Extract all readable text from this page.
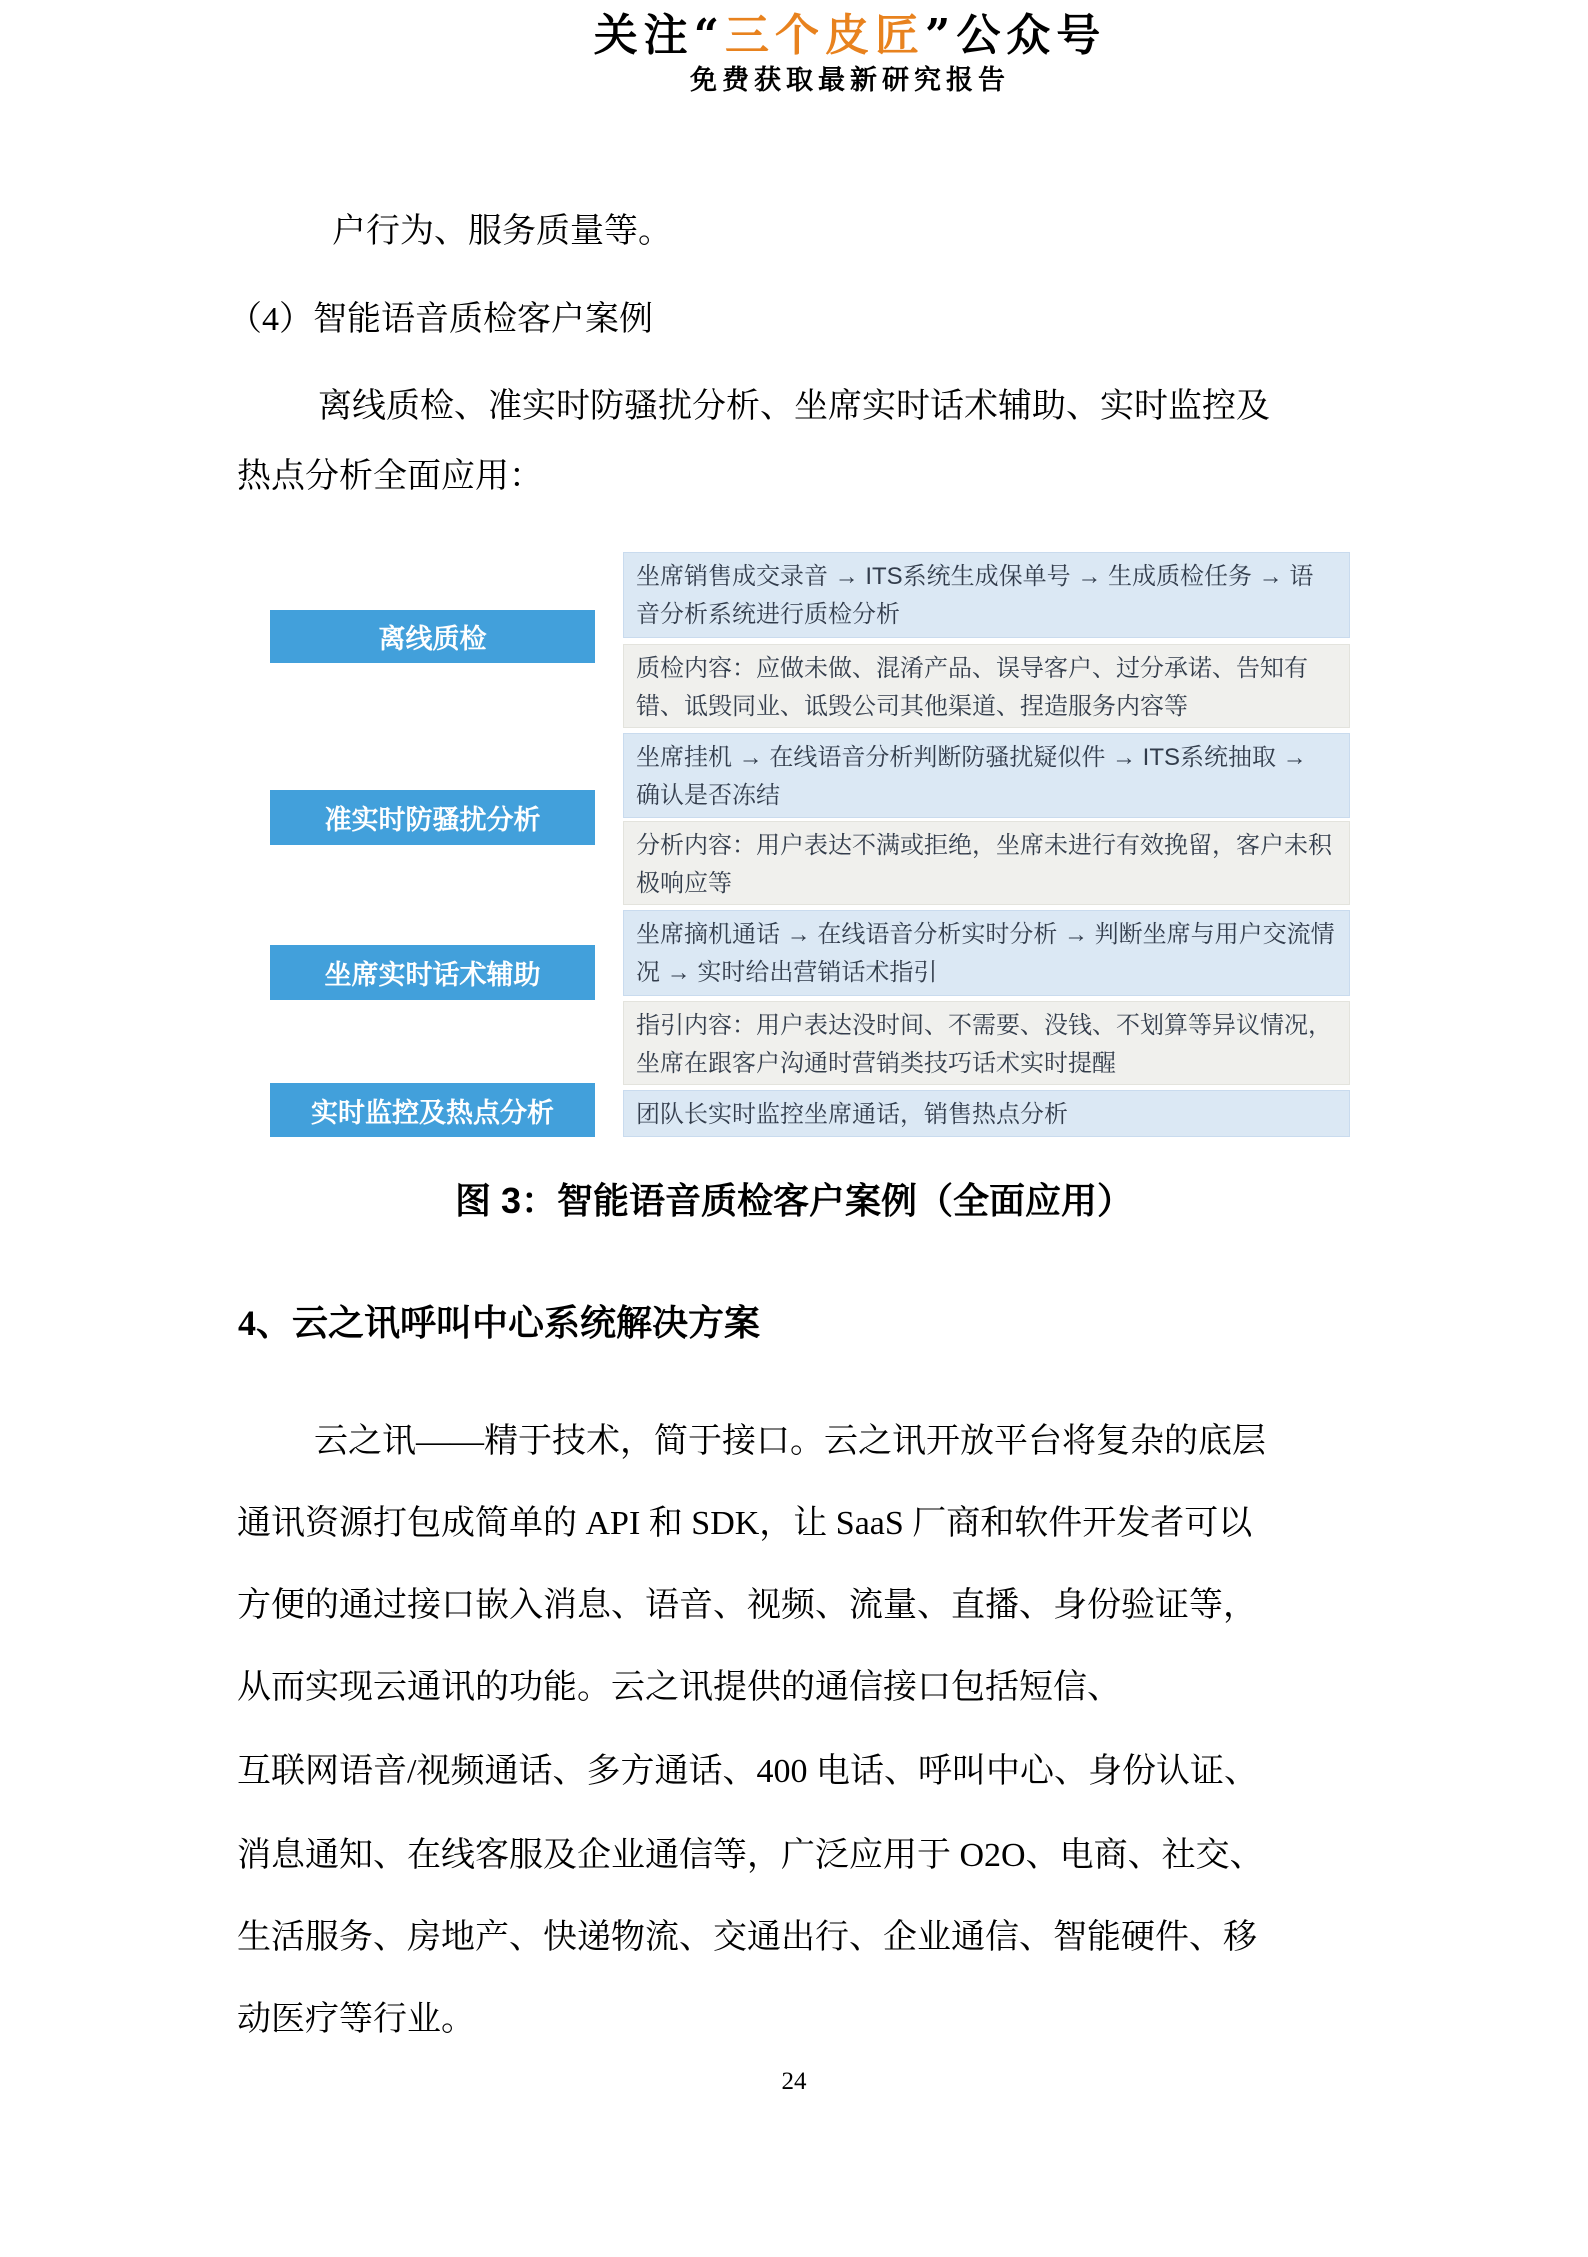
关注“三个皮匠”公众号
免费获取最新研究报告
户行为、服务质量等。
（4）智能语音质检客户案例
离线质检、准实时防骚扰分析、坐席实时话术辅助、实时监控及
热点分析全面应用：
离线质检
准实时防骚扰分析
坐席实时话术辅助
实时监控及热点分析
坐席销售成交录音 → ITS系统生成保单号 → 生成质检任务 → 语音分析系统进行质检分析
质检内容：应做未做、混淆产品、误导客户、过分承诺、告知有错、诋毁同业、诋毁公司其他渠道、捏造服务内容等
坐席挂机 → 在线语音分析判断防骚扰疑似件 → ITS系统抽取 → 确认是否冻结
分析内容：用户表达不满或拒绝，坐席未进行有效挽留，客户未积极响应等
坐席摘机通话 → 在线语音分析实时分析 → 判断坐席与用户交流情况 → 实时给出营销话术指引
指引内容：用户表达没时间、不需要、没钱、不划算等异议情况，坐席在跟客户沟通时营销类技巧话术实时提醒
团队长实时监控坐席通话，销售热点分析
图 3：智能语音质检客户案例（全面应用）
4、云之讯呼叫中心系统解决方案
云之讯——精于技术，简于接口。云之讯开放平台将复杂的底层
通讯资源打包成简单的 API 和 SDK，让 SaaS 厂商和软件开发者可以
方便的通过接口嵌入消息、语音、视频、流量、直播、身份验证等，
从而实现云通讯的功能。云之讯提供的通信接口包括短信、
互联网语音/视频通话、多方通话、400 电话、呼叫中心、身份认证、
消息通知、在线客服及企业通信等，广泛应用于 O2O、电商、社交、
生活服务、房地产、快递物流、交通出行、企业通信、智能硬件、移
动医疗等行业。
24
